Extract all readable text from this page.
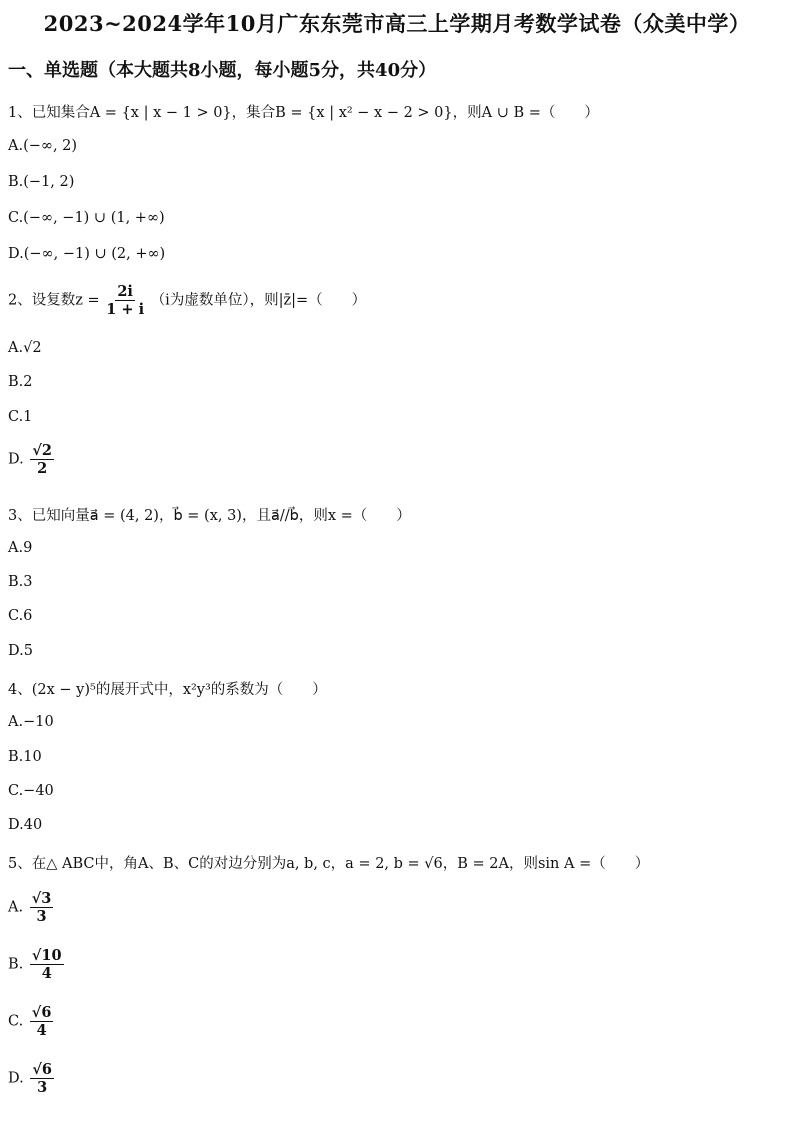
2023~2024学年10月广东东莞市高三上学期月考数学试卷（众美中学）
一、单选题（本大题共8小题，每小题5分，共40分）
1、已知集合A = {x | x − 1 > 0}，集合B = {x | x² − x − 2 > 0}，则A ∪ B =（　　）
A.(−∞, 2)
B.(−1, 2)
C.(−∞, −1) ∪ (1, +∞)
D.(−∞, −1) ∪ (2, +∞)
2、设复数$z = \frac{2i}{1 + i} (i$为虚数单位），则|z̄|=（　　）
A.√2
B.2
C.1
D. $\frac{√2}{2}$
3、已知向量a⃗ = (4, 2)，b⃗ = (x, 3)，且a⃗//b⃗，则x =（　　）
A.9
B.3
C.6
D.5
4、(2x − y)⁵的展开式中，x²y³的系数为（　　）
A.−10
B.10
C.−40
D.40
5、在△ ABC中，角A、B、C的对边分别为a, b, c，a = 2, b = √6，B = 2A，则sin A =（　　）
A. $\frac{√3}{3}$
B. $\frac{√10}{4}$
C. $\frac{√6}{4}$
D. $\frac{√6}{3}$
